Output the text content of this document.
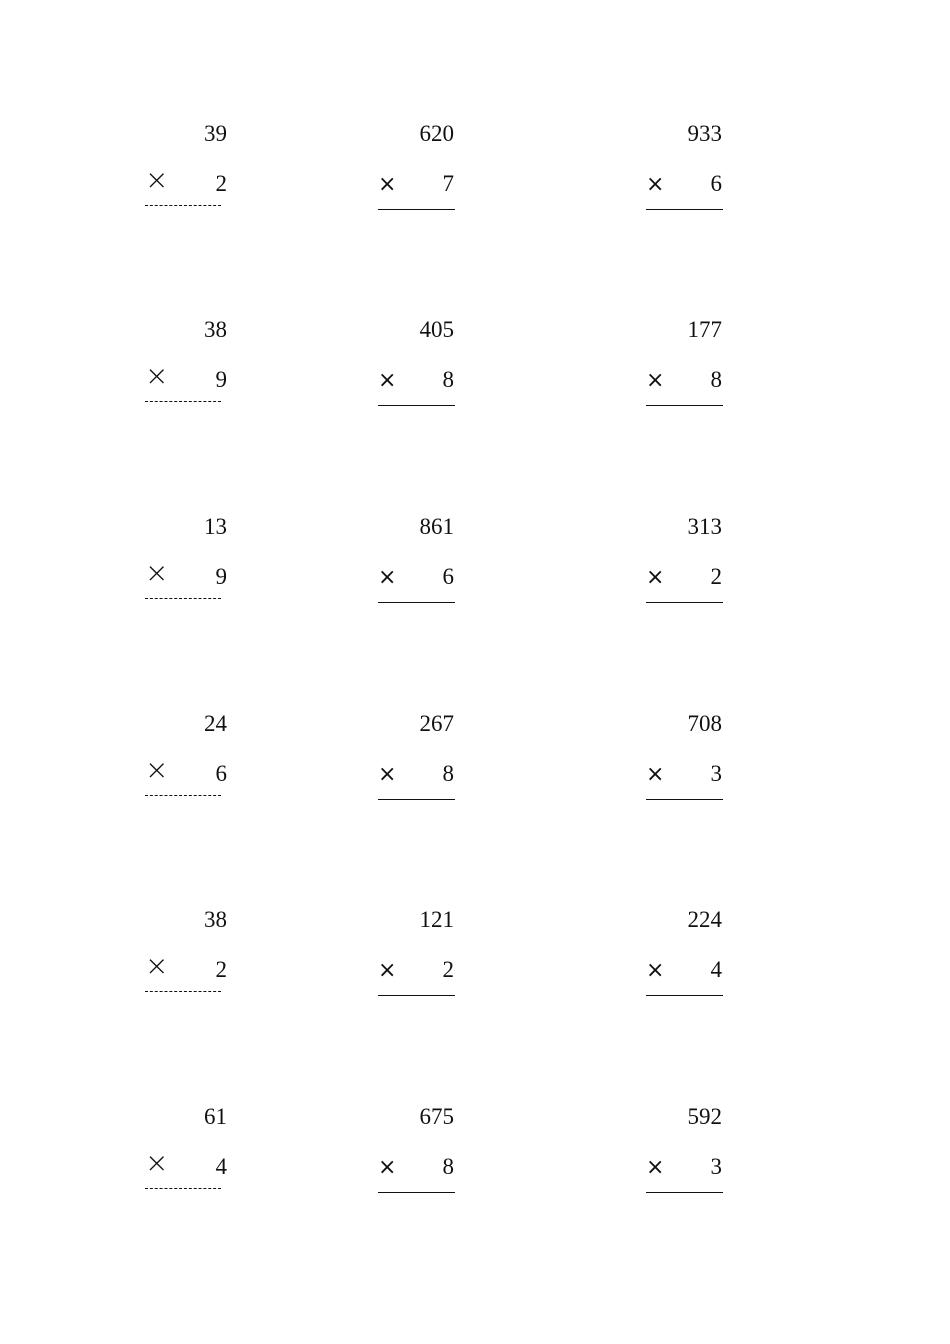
39
× 2
620
× 7
933
× 6
38
× 9
405
× 8
177
× 8
13
× 9
861
× 6
313
× 2
24
× 6
267
× 8
708
× 3
38
× 2
121
× 2
224
× 4
61
× 4
675
× 8
592
× 3
